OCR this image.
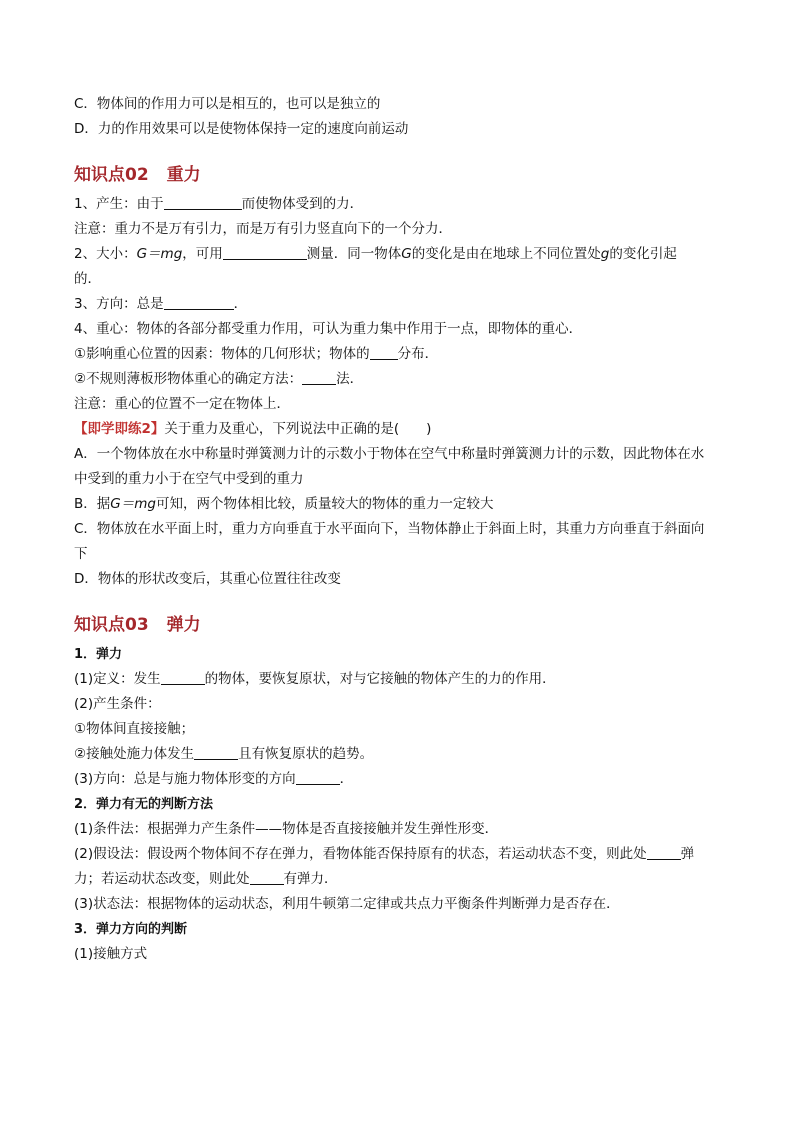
C．物体间的作用力可以是相互的，也可以是独立的
D．力的作用效果可以是使物体保持一定的速度向前运动
知识点02 重力
1、产生：由于	而使物体受到的力．
注意：重力不是万有引力，而是万有引力竖直向下的一个分力．
2、大小：G＝mg，可用	测量．同一物体G的变化是由在地球上不同位置处g的变化引起
的．
3、方向：总是	．
4、重心：物体的各部分都受重力作用，可认为重力集中作用于一点，即物体的重心．
①影响重心位置的因素：物体的几何形状；物体的 分布．
②不规则薄板形物体重心的确定方法：	法．
注意：重心的位置不一定在物体上．
【即学即练2】关于重力及重心，下列说法中正确的是(　　)
A．一个物体放在水中称量时弹簧测力计的示数小于物体在空气中称量时弹簧测力计的示数，因此物体在水
中受到的重力小于在空气中受到的重力
B．据G＝mg可知，两个物体相比较，质量较大的物体的重力一定较大
C．物体放在水平面上时，重力方向垂直于水平面向下，当物体静止于斜面上时，其重力方向垂直于斜面向
下
D．物体的形状改变后，其重心位置往往改变
知识点03 弹力
1．弹力
(1)定义：发生	的物体，要恢复原状，对与它接触的物体产生的力的作用．
(2)产生条件：
①物体间直接接触；
②接触处施力体发生	且有恢复原状的趋势。
(3)方向：总是与施力物体形变的方向	．
2．弹力有无的判断方法
(1)条件法：根据弹力产生条件——物体是否直接接触并发生弹性形变．
(2)假设法：假设两个物体间不存在弹力，看物体能否保持原有的状态，若运动状态不变，则此处	弹
力；若运动状态改变，则此处	有弹力．
(3)状态法：根据物体的运动状态，利用牛顿第二定律或共点力平衡条件判断弹力是否存在．
3．弹力方向的判断
(1)接触方式
